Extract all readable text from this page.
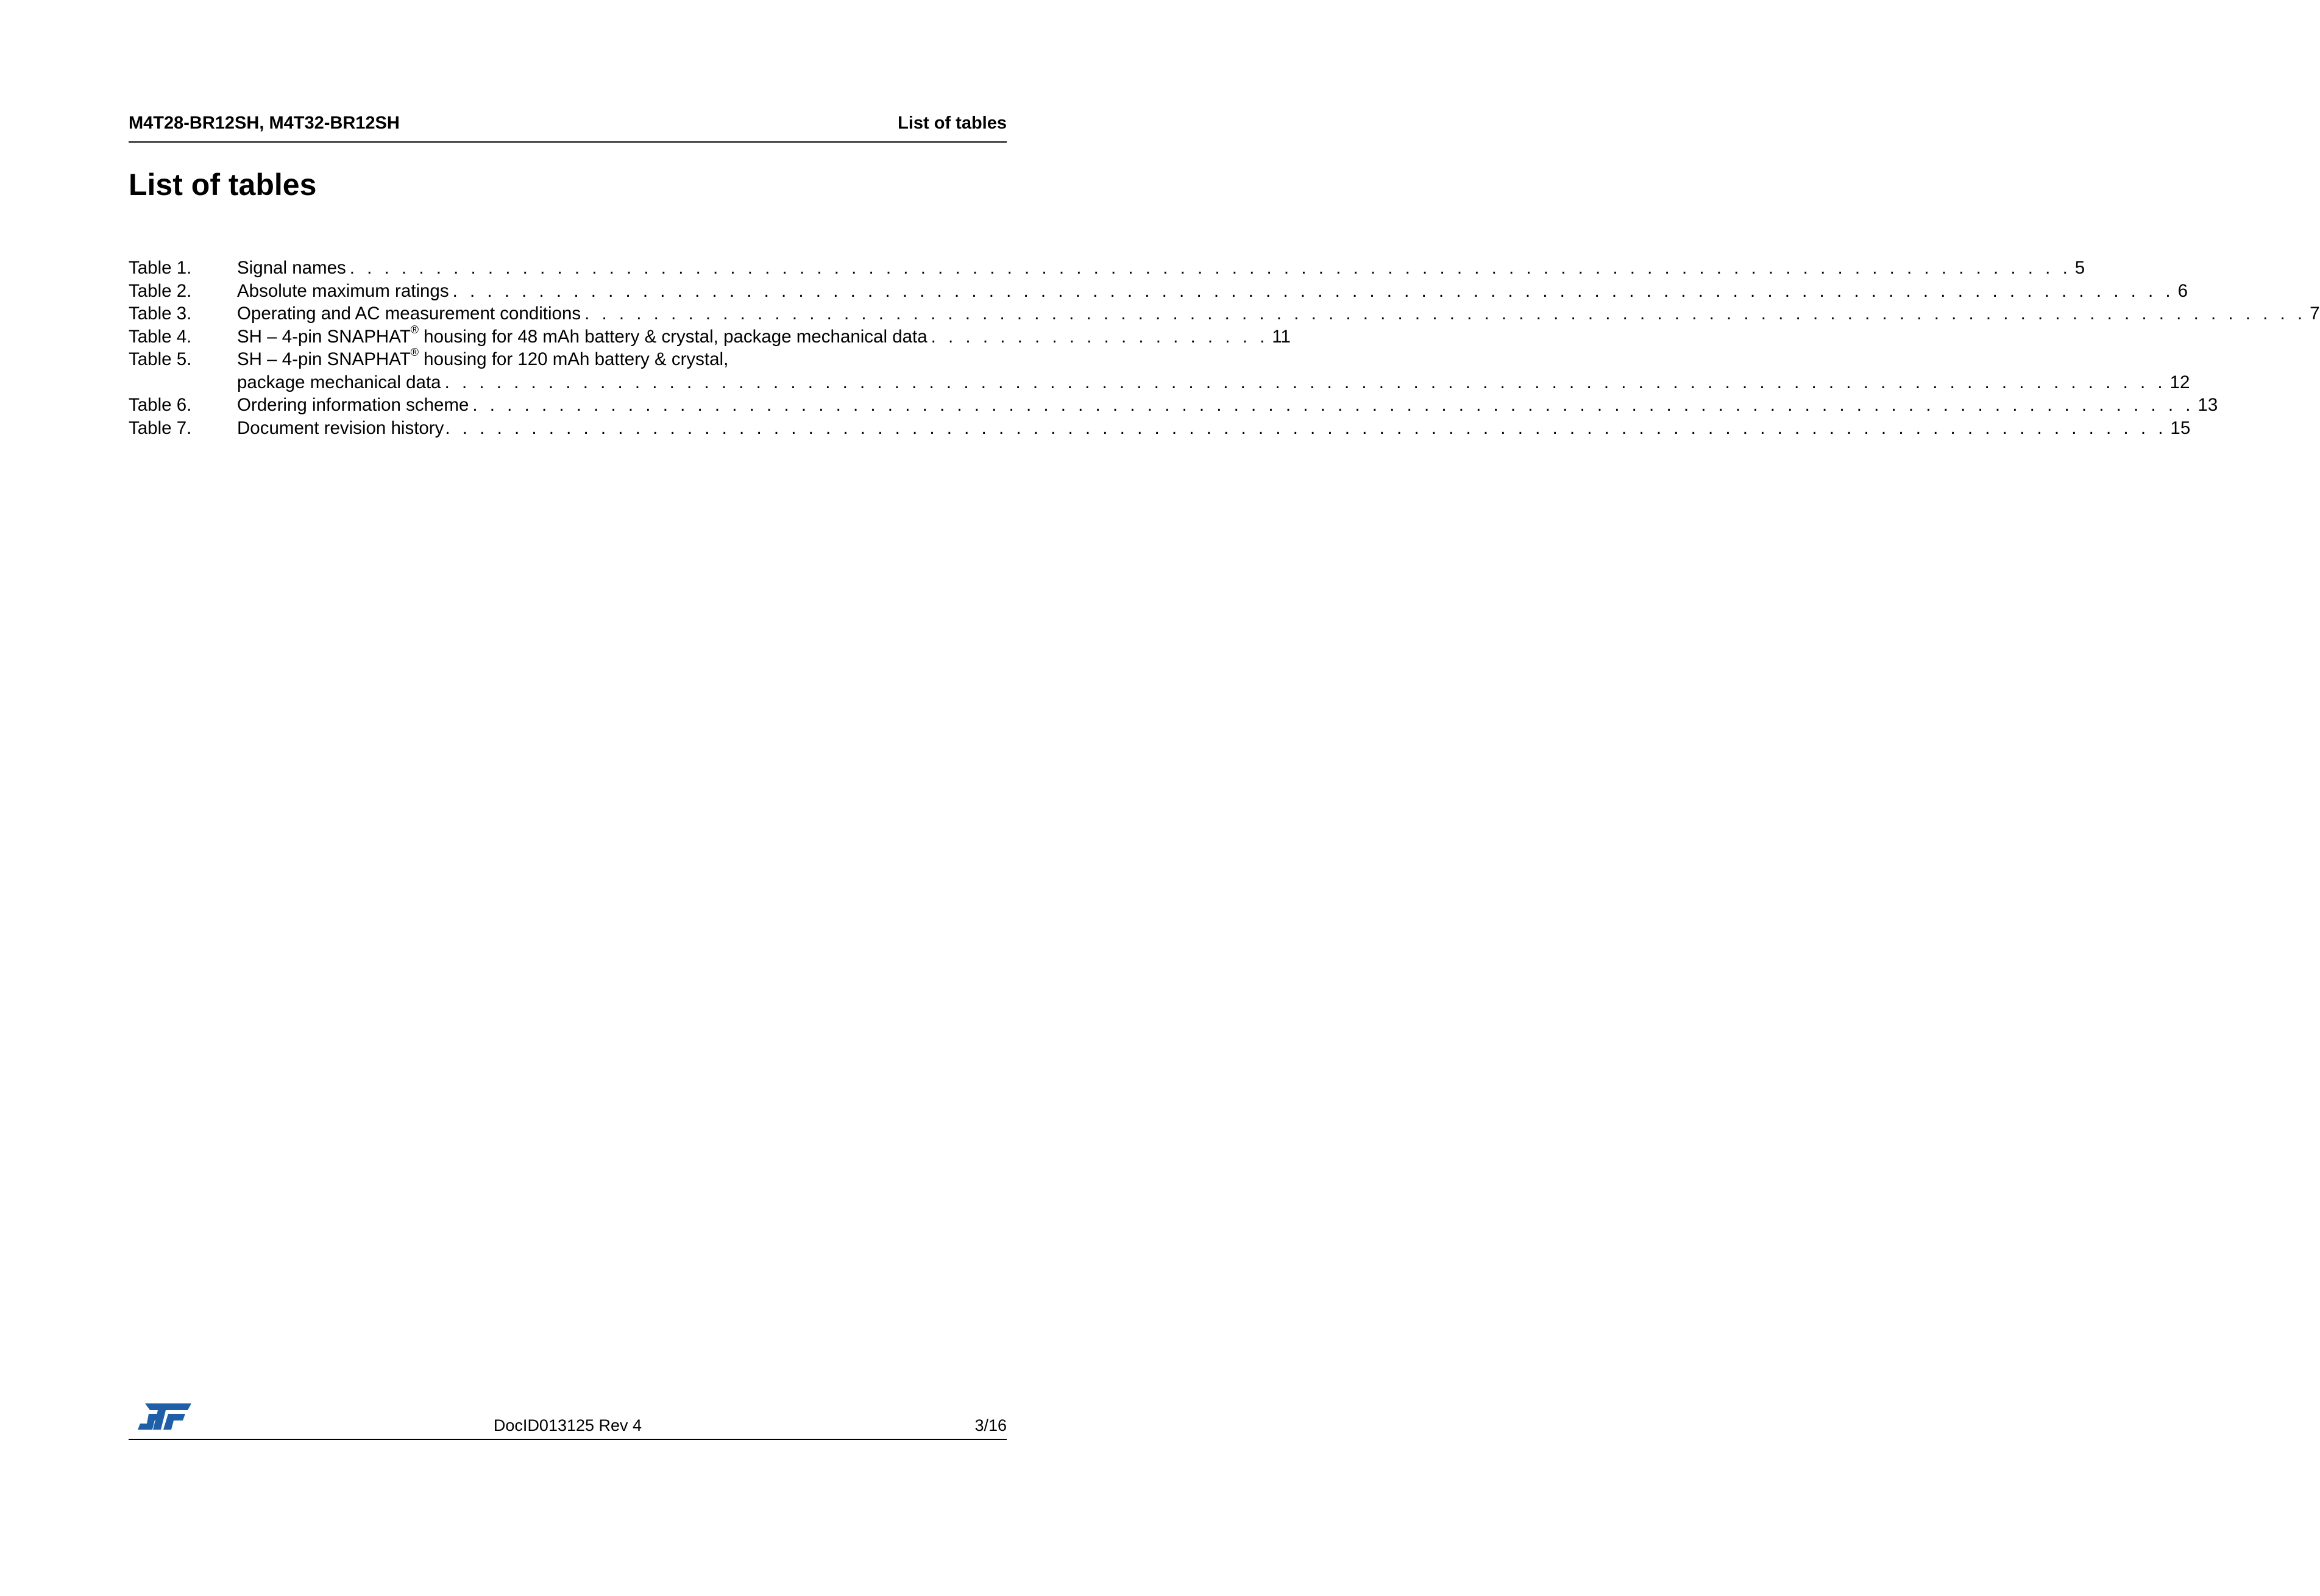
M4T28-BR12SH, M4T32-BR12SH	List of tables
List of tables
Table 1.	Signal names . . . . . . . . . . . . . . . . . . . . . . . . . . . . . . . . . . . . . . . . . . . . . . . . . . . . . . . . . . . . . . . . . . . . . . . . . . . . . . . . . . . . . . . . . . . . . . . . . . . . 5
Table 2.	Absolute maximum ratings . . . . . . . . . . . . . . . . . . . . . . . . . . . . . . . . . . . . . . . . . . . . . . . . . . . . . . . . . . . . . . . . . . . . . . . . . . . . . . . . . . . . . . . . . . . . . . . . . . . . 6
Table 3.	Operating and AC measurement conditions . . . . . . . . . . . . . . . . . . . . . . . . . . . . . . . . . . . . . . . . . . . . . . . . . . . . . . . . . . . . . . . . . . . . . . . . . . . . . . . . . . . . . . . . . . . . . . . . . . . . 7
Table 4.	SH – 4-pin SNAPHAT® housing for 48 mAh battery & crystal, package mechanical data . . . . . . . . . . . . . . . . . . . . 11
Table 5.	SH – 4-pin SNAPHAT® housing for 120 mAh battery & crystal,
package mechanical data . . . . . . . . . . . . . . . . . . . . . . . . . . . . . . . . . . . . . . . . . . . . . . . . . . . . . . . . . . . . . . . . . . . . . . . . . . . . . . . . . . . . . . . . . . . . . . . . . . . . 12
Table 6.	Ordering information scheme . . . . . . . . . . . . . . . . . . . . . . . . . . . . . . . . . . . . . . . . . . . . . . . . . . . . . . . . . . . . . . . . . . . . . . . . . . . . . . . . . . . . . . . . . . . . . . . . . . . . 13
Table 7.	Document revision history . . . . . . . . . . . . . . . . . . . . . . . . . . . . . . . . . . . . . . . . . . . . . . . . . . . . . . . . . . . . . . . . . . . . . . . . . . . . . . . . . . . . . . . . . . . . . . . . . . . . 15
DocID013125 Rev 4	3/16
